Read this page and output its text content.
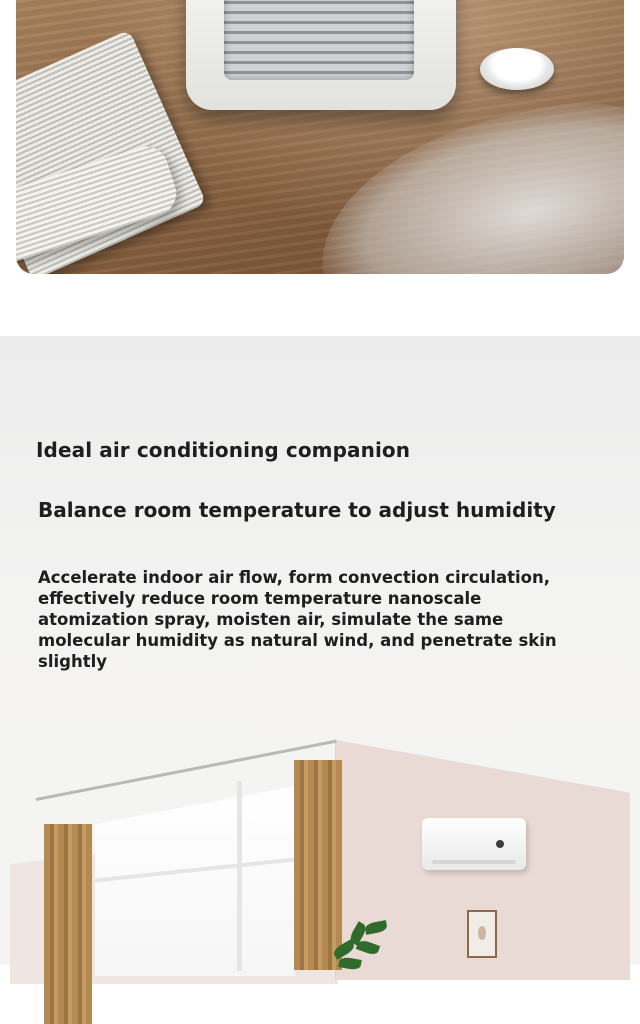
Ideal air conditioning companion
Balance room temperature to adjust humidity

Accelerate indoor air flow, form convection circulation, effectively reduce room temperature nanoscale atomization spray, moisten air, simulate the same molecular humidity as natural wind, and penetrate skin slightly
